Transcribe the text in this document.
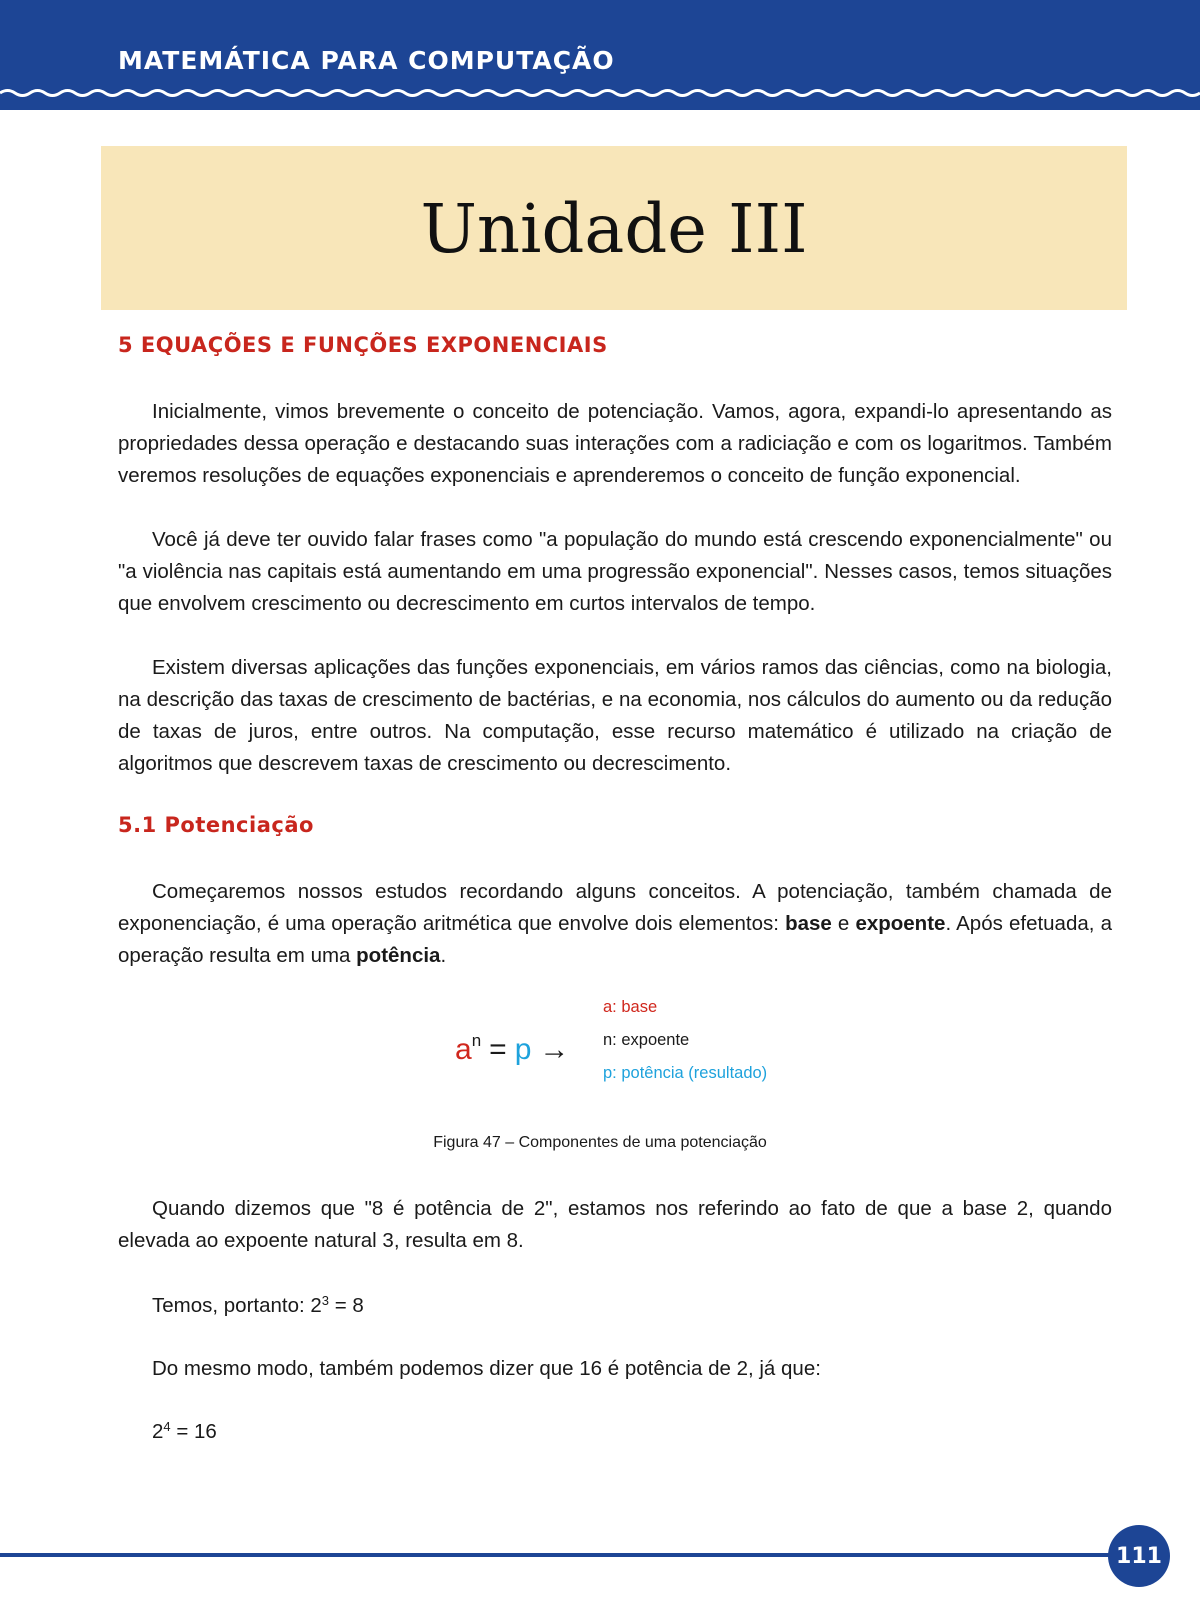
MATEMÁTICA PARA COMPUTAÇÃO
Unidade III
5 EQUAÇÕES E FUNÇÕES EXPONENCIAIS

Inicialmente, vimos brevemente o conceito de potenciação. Vamos, agora, expandi-lo apresentando as propriedades dessa operação e destacando suas interações com a radiciação e com os logaritmos. Também veremos resoluções de equações exponenciais e aprenderemos o conceito de função exponencial.

Você já deve ter ouvido falar frases como "a população do mundo está crescendo exponencialmente" ou "a violência nas capitais está aumentando em uma progressão exponencial". Nesses casos, temos situações que envolvem crescimento ou decrescimento em curtos intervalos de tempo.

Existem diversas aplicações das funções exponenciais, em vários ramos das ciências, como na biologia, na descrição das taxas de crescimento de bactérias, e na economia, nos cálculos do aumento ou da redução de taxas de juros, entre outros. Na computação, esse recurso matemático é utilizado na criação de algoritmos que descrevem taxas de crescimento ou decrescimento.

5.1 Potenciação

Começaremos nossos estudos recordando alguns conceitos. A potenciação, também chamada de exponenciação, é uma operação aritmética que envolve dois elementos: base e expoente. Após efetuada, a operação resulta em uma potência.

$a^n = p$ →
a: base
n: expoente
p: potência (resultado)
Figura 47 – Componentes de uma potenciação

Quando dizemos que "8 é potência de 2", estamos nos referindo ao fato de que a base 2, quando elevada ao expoente natural 3, resulta em 8.

Temos, portanto: $2^3 = 8$
Do mesmo modo, também podemos dizer que 16 é potência de 2, já que:
$2^4 = 16$
111
